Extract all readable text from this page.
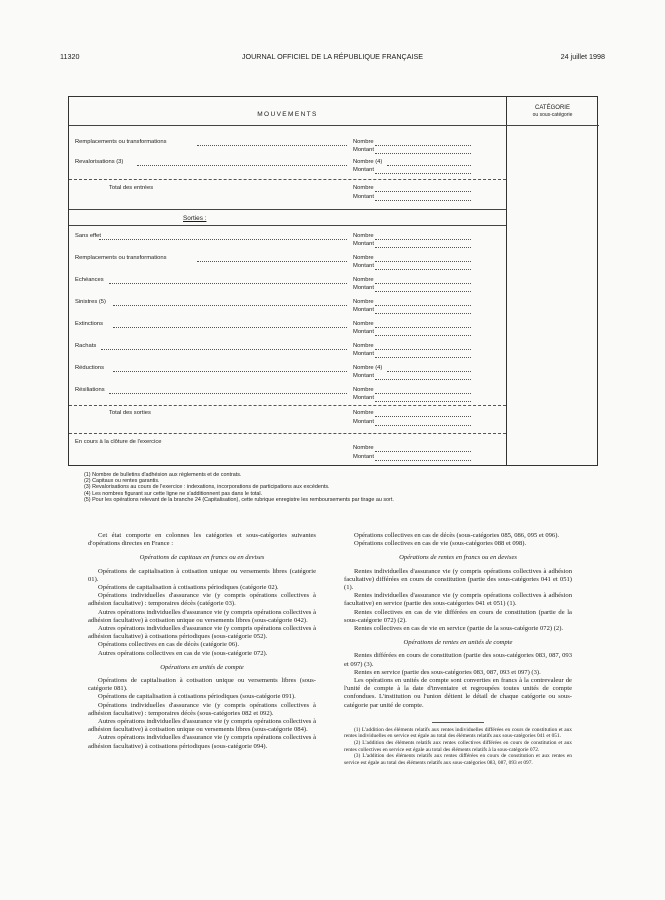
11320	JOURNAL OFFICIEL DE LA RÉPUBLIQUE FRANÇAISE	24 juillet 1998
MOUVEMENTS
CATÉGORIE
ou sous-catégorie
Remplacements ou transformations	Nombre
Montant
Revalorisations (3)	Nombre (4)
Montant
Total des entrées	Nombre
Montant
Sorties :
Sans effet	Nombre
Montant
Remplacements ou transformations	Nombre
Montant
Echéances	Nombre
Montant
Sinistres (5)	Nombre
Montant
Extinctions	Nombre
Montant
Rachats	Nombre
Montant
Réductions	Nombre (4)
Montant
Résiliations	Nombre
Montant
Total des sorties	Nombre
Montant
En cours à la clôture de l'exercice
Nombre
Montant
(1) Nombre de bulletins d'adhésion aux règlements et de contrats.
(2) Capitaux ou rentes garantis.
(3) Revalorisations au cours de l'exercice : indexations, incorporations de participations aux excédents.
(4) Les nombres figurant sur cette ligne ne s'additionnent pas dans le total.
(5) Pour les opérations relevant de la branche 24 (Capitalisation), cette rubrique enregistre les remboursements par tirage au sort.

Cet état comporte en colonnes les catégories et sous-catégories suivantes d'opérations directes en France :

Opérations de capitaux en francs ou en devises

Opérations de capitalisation à cotisation unique ou versements libres (catégorie 01).

Opérations de capitalisation à cotisations périodiques (catégorie 02).

Opérations individuelles d'assurance vie (y compris opérations collectives à adhésion facultative) : temporaires décès (catégorie 03).

Autres opérations individuelles d'assurance vie (y compris opérations collectives à adhésion facultative) à cotisation unique ou versements libres (sous-catégorie 042).

Autres opérations individuelles d'assurance vie (y compris opérations collectives à adhésion facultative) à cotisations périodiques (sous-catégorie 052).

Opérations collectives en cas de décès (catégorie 06).

Autres opérations collectives en cas de vie (sous-catégorie 072).

Opérations en unités de compte

Opérations de capitalisation à cotisation unique ou versements libres (sous-catégorie 081).

Opérations de capitalisation à cotisations périodiques (sous-catégorie 091).

Opérations individuelles d'assurance vie (y compris opérations collectives à adhésion facultative) : temporaires décès (sous-catégories 082 et 092).

Autres opérations individuelles d'assurance vie (y compris opérations collectives à adhésion facultative) à cotisation unique ou versements libres (sous-catégorie 084).

Autres opérations individuelles d'assurance vie (y compris opérations collectives à adhésion facultative) à cotisations périodiques (sous-catégorie 094).

Opérations collectives en cas de décès (sous-catégories 085, 086, 095 et 096).

Opérations collectives en cas de vie (sous-catégories 088 et 098).

Opérations de rentes en francs ou en devises

Rentes individuelles d'assurance vie (y compris opérations collectives à adhésion facultative) différées en cours de constitution (partie des sous-catégories 041 et 051) (1).

Rentes individuelles d'assurance vie (y compris opérations collectives à adhésion facultative) en service (partie des sous-catégories 041 et 051) (1).

Rentes collectives en cas de vie différées en cours de constitution (partie de la sous-catégorie 072) (2).

Rentes collectives en cas de vie en service (partie de la sous-catégorie 072) (2).

Opérations de rentes en unités de compte

Rentes différées en cours de constitution (partie des sous-catégories 083, 087, 093 et 097) (3).

Rentes en service (partie des sous-catégories 083, 087, 093 et 097) (3).

Les opérations en unités de compte sont converties en francs à la contrevaleur de l'unité de compte à la date d'inventaire et regroupées toutes unités de compte confondues. L'institution ou l'union détient le détail de chaque catégorie ou sous-catégorie par unité de compte.

(1) L'addition des éléments relatifs aux rentes individuelles différées en cours de constitution et aux rentes individuelles en service est égale au total des éléments relatifs aux sous-catégories 041 et 051.

(2) L'addition des éléments relatifs aux rentes collectives différées en cours de constitution et aux rentes collectives en service est égale au total des éléments relatifs à la sous-catégorie 072.

(3) L'addition des éléments relatifs aux rentes différées en cours de constitution et aux rentes en service est égale au total des éléments relatifs aux sous-catégories 083, 087, 093 et 097.
